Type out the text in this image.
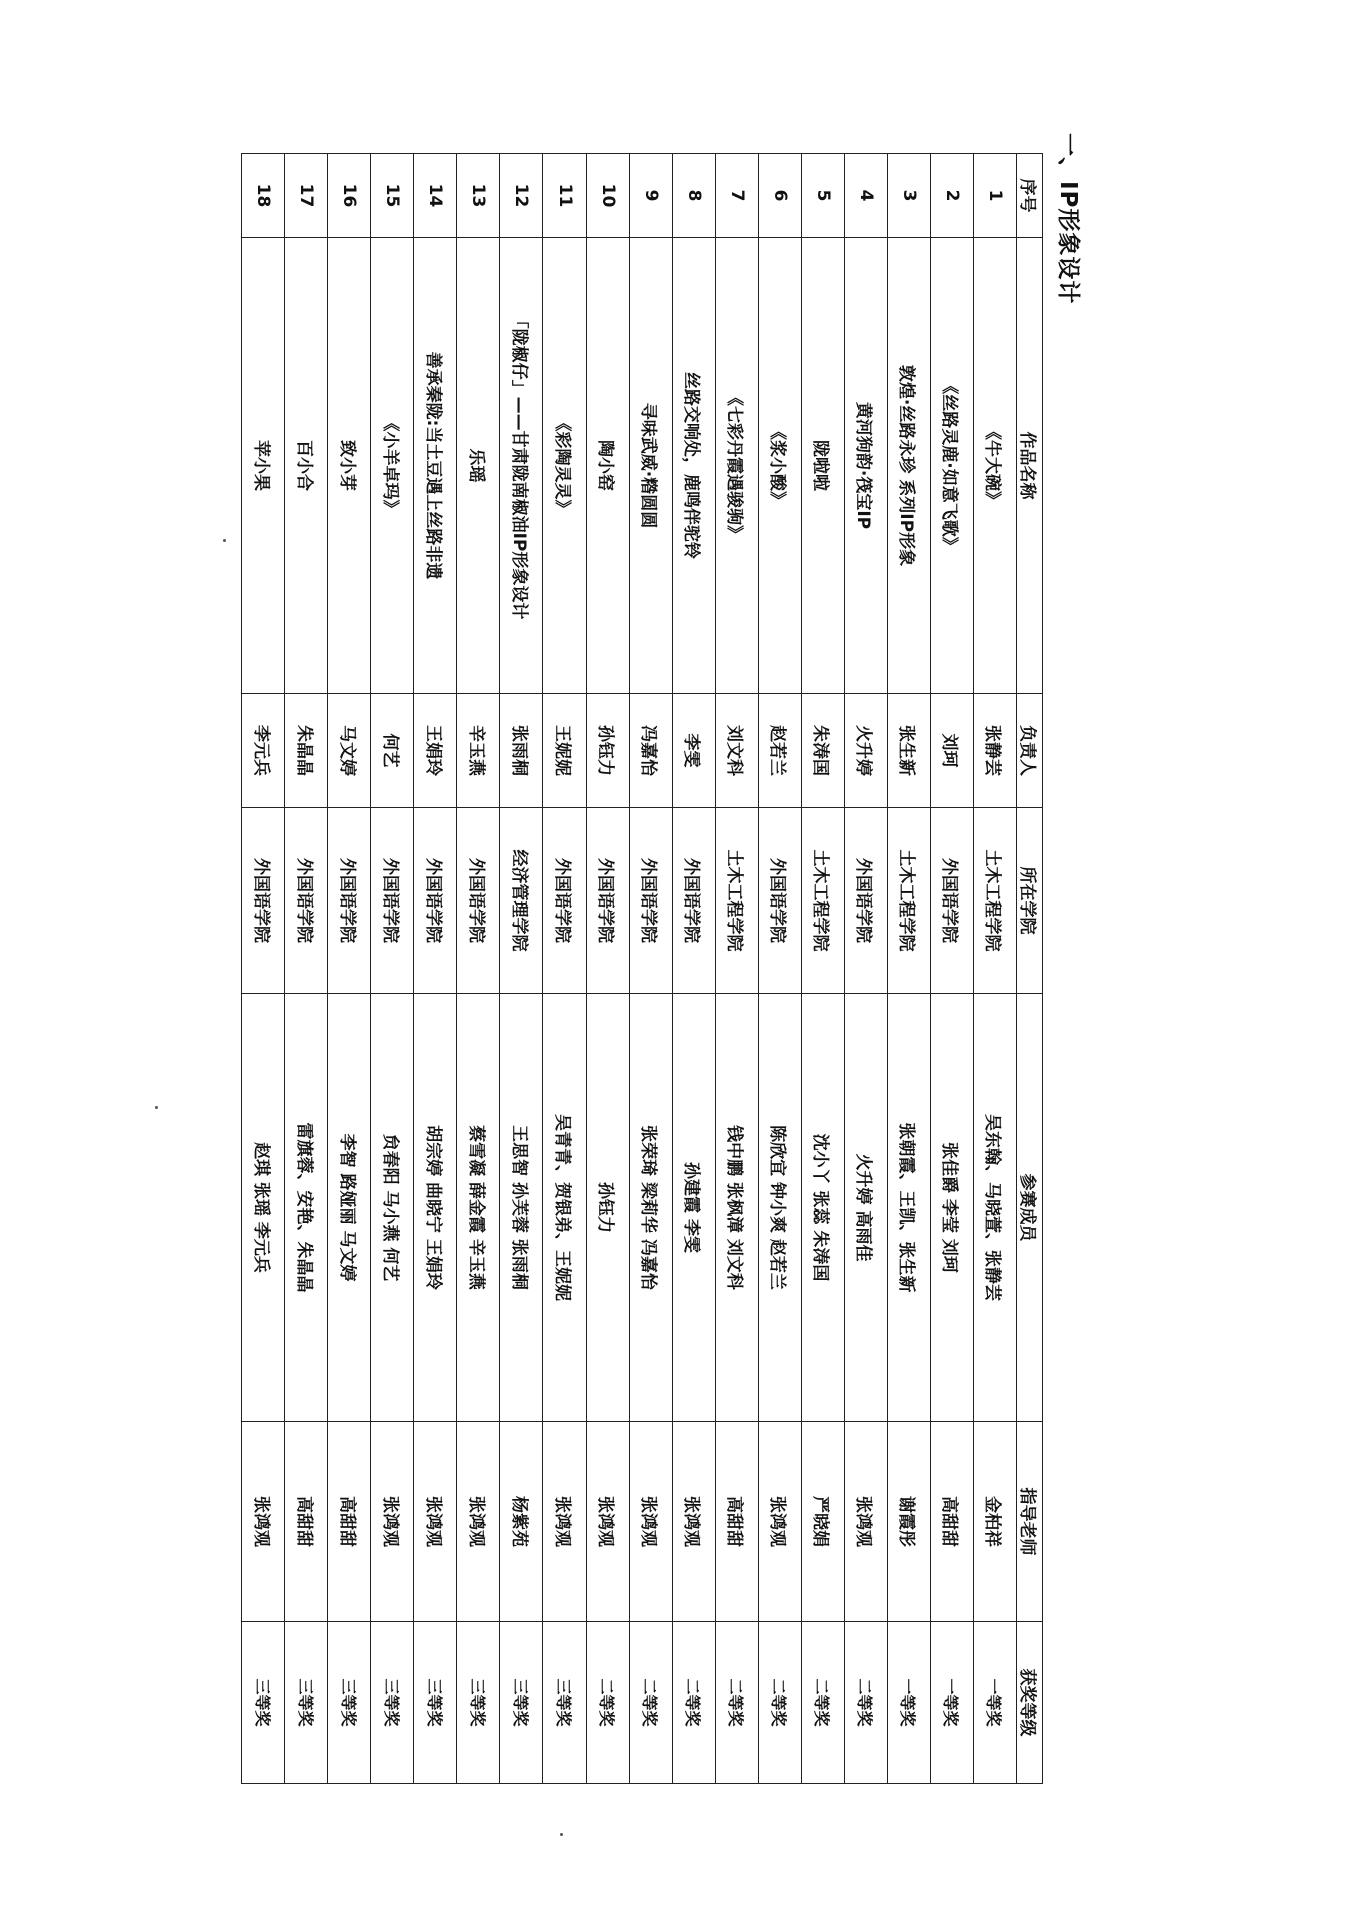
一、IP形象设计
序号	作品名称	负责人	所在学院	参赛成员	指导老师	获奖等级
1	《牛大碗》	张静芸	土木工程学院	吴东翰、马晓萱、张静芸	金柏祥	一等奖
2	《丝路灵鹿·如意飞歌》	刘珂	外国语学院	张佳爵 李莹 刘珂	高甜甜	一等奖
3	敦煌·丝路永珍 系列IP形象	张生新	土木工程学院	张朝霞、王凯、张生新	谢霞彤	一等奖
4	黄河狗韵·筏宝IP	火升婷	外国语学院	火升婷 高雨佳	张鸿观	二等奖
5	陇啦啦	朱涛国	土木工程学院	沈小丫 张蕊 朱涛国	严晓娟	二等奖
6	《浆小酸》	赵若兰	外国语学院	陈欣宜 钟小爽 赵若兰	张鸿观	二等奖
7	《七彩丹霞遇骏驹》	刘文科	土木工程学院	钱中鹏 张枫漳 刘文科	高甜甜	二等奖
8	丝路交响处，鹿鸣伴驼铃	李雯	外国语学院	孙建霞 李雯	张鸿观	二等奖
9	寻味武威·糌圆圆	冯嘉怡	外国语学院	张荣琦 梁莉华 冯嘉怡	张鸿观	二等奖
10	陶小窑	孙钰力	外国语学院	孙钰力	张鸿观	二等奖
11	《彩陶灵灵》	王妮妮	外国语学院	吴青青、贺银弟、王妮妮	张鸿观	三等奖
12	「陇椒仔」——甘肃陇南椒油IP形象设计	张雨桐	经济管理学院	王思智 孙芙蓉 张雨桐	杨紫苑	三等奖
13	乐瑶	辛玉燕	外国语学院	蔡雪凝 薛金霞 辛玉燕	张鸿观	三等奖
14	善承秦陇:当土豆遇上丝路非遗	王娟玲	外国语学院	胡宗婷 曲晓宁 王娟玲	张鸿观	三等奖
15	《小羊卓玛》	何艺	外国语学院	贠春阳 马小燕 何艺	张鸿观	三等奖
16	致小芽	马文婷	外国语学院	李智 路娅丽 马文婷	高甜甜	三等奖
17	百小合	朱晶晶	外国语学院	雷旗蓉、安艳、朱晶晶	高甜甜	三等奖
18	苹小果	李元兵	外国语学院	赵琪 张瑶 李元兵	张鸿观	三等奖
